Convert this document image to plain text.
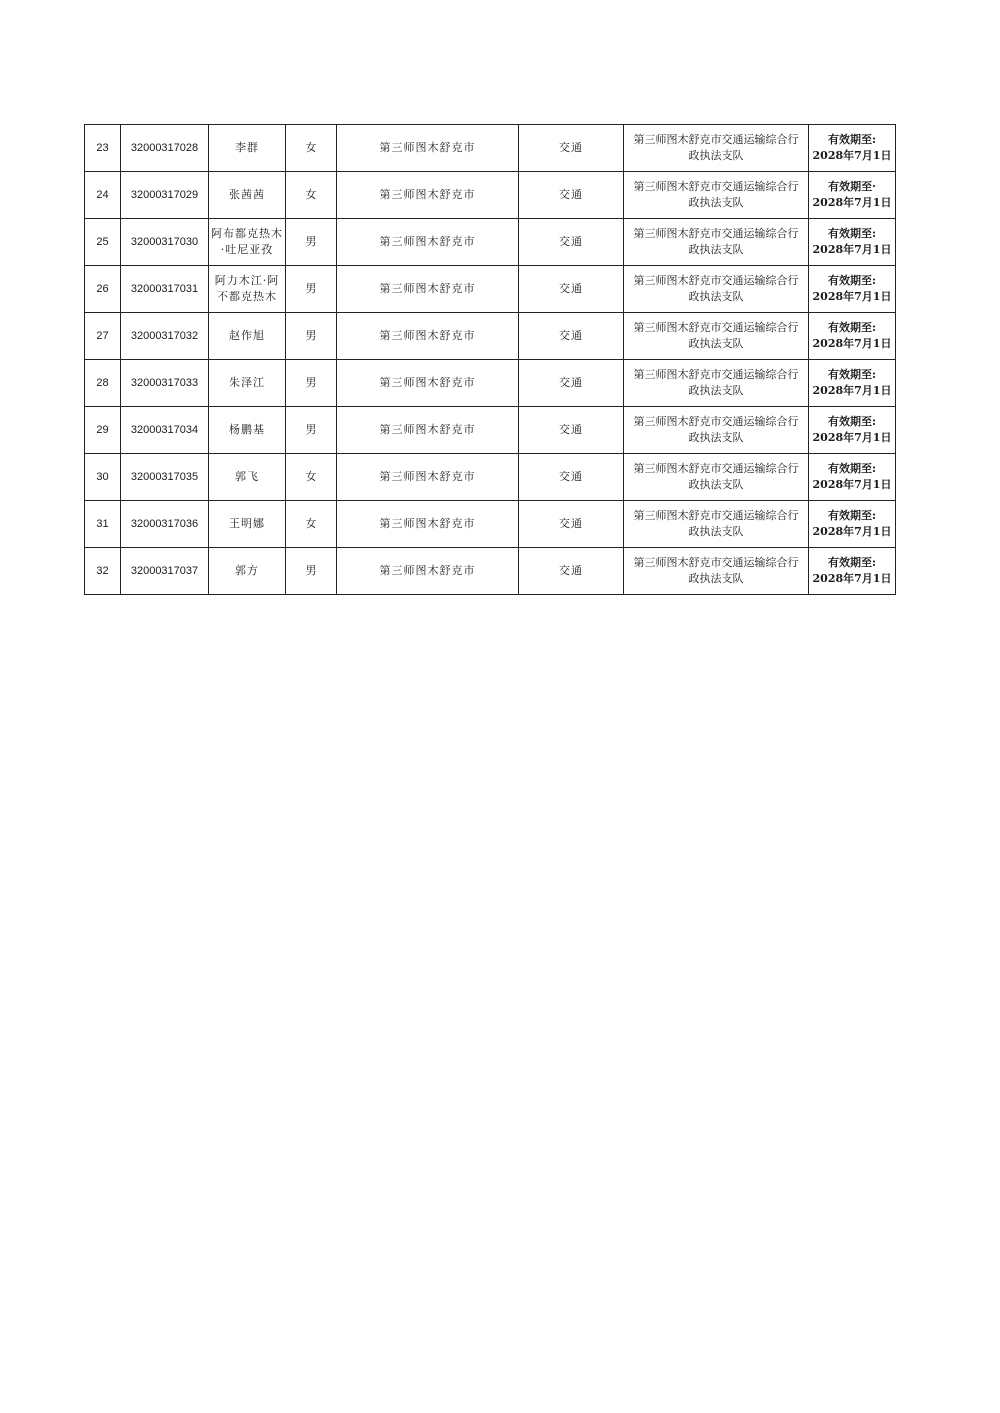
23	32000317028	李群	女	第三师图木舒克市	交通	第三师图木舒克市交通运输综合行
政执法支队	有效期至:
2028年7月1日

24	32000317029	张茜茜	女	第三师图木舒克市	交通	第三师图木舒克市交通运输综合行
政执法支队	有效期至·
2028年7月1日

25	32000317030	阿布都克热木·吐尼亚孜	男	第三师图木舒克市	交通	第三师图木舒克市交通运输综合行
政执法支队	有效期至:
2028年7月1日

26	32000317031	阿力木江·阿不都克热木	男	第三师图木舒克市	交通	第三师图木舒克市交通运输综合行
政执法支队	有效期至:
2028年7月1日

27	32000317032	赵作旭	男	第三师图木舒克市	交通	第三师图木舒克市交通运输综合行
政执法支队	有效期至:
2028年7月1日

28	32000317033	朱泽江	男	第三师图木舒克市	交通	第三师图木舒克市交通运输综合行
政执法支队	有效期至:
2028年7月1日

29	32000317034	杨鹏基	男	第三师图木舒克市	交通	第三师图木舒克市交通运输综合行
政执法支队	有效期至:
2028年7月1日

30	32000317035	郭飞	女	第三师图木舒克市	交通	第三师图木舒克市交通运输综合行
政执法支队	有效期至:
2028年7月1日

31	32000317036	王明娜	女	第三师图木舒克市	交通	第三师图木舒克市交通运输综合行
政执法支队	有效期至:
2028年7月1日

32	32000317037	郭方	男	第三师图木舒克市	交通	第三师图木舒克市交通运输综合行
政执法支队	有效期至:
2028年7月1日
